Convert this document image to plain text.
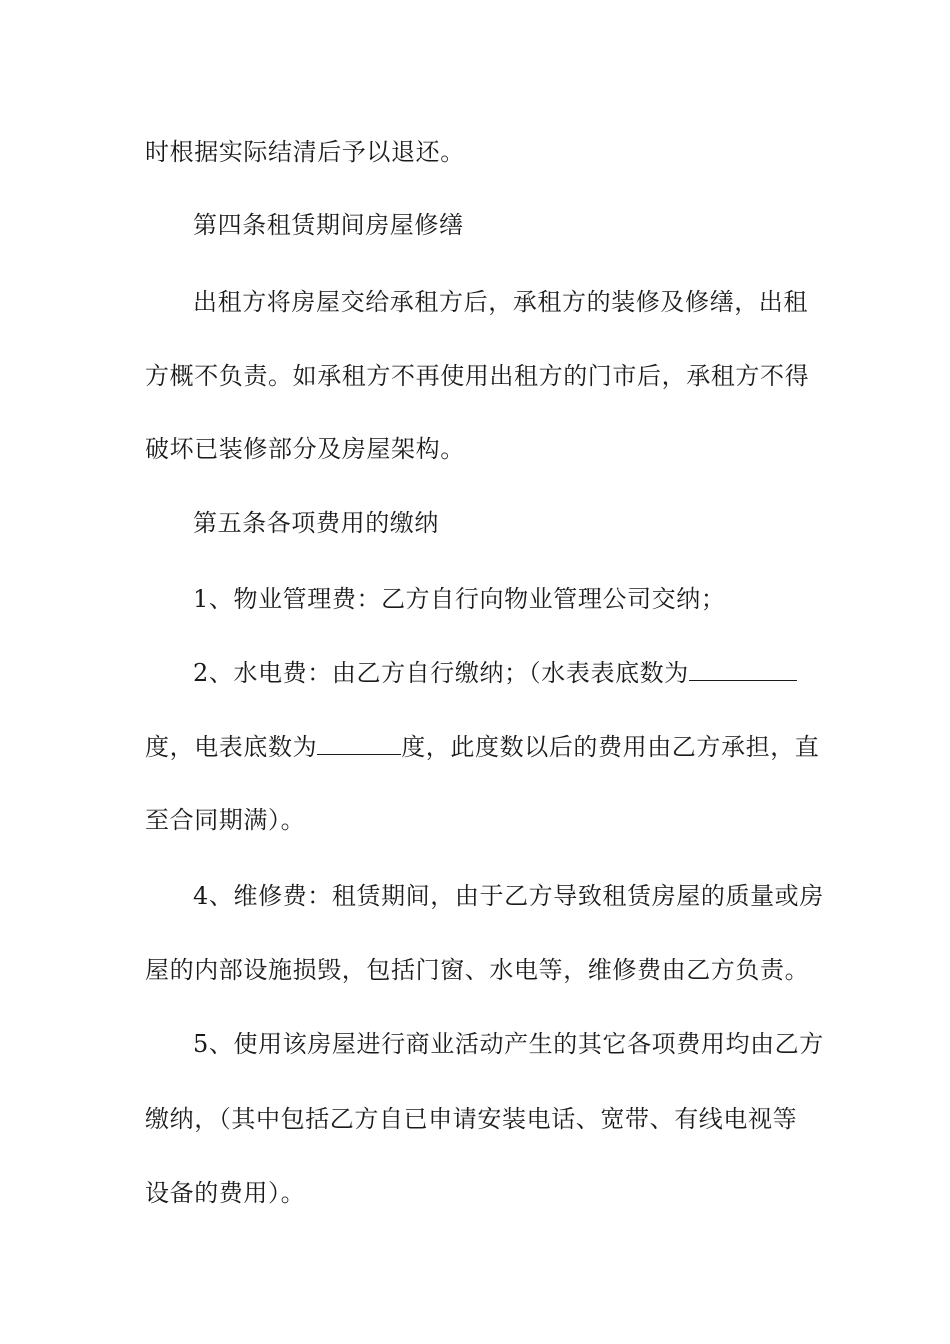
时根据实际结清后予以退还。
第四条租赁期间房屋修缮
出租方将房屋交给承租方后，承租方的装修及修缮，出租
方概不负责。如承租方不再使用出租方的门市后，承租方不得
破坏已装修部分及房屋架构。
第五条各项费用的缴纳
1、物业管理费：乙方自行向物业管理公司交纳；
2、水电费：由乙方自行缴纳；（水表表底数为
度，电表底数为	度，此度数以后的费用由乙方承担，直
至合同期满）。
4、维修费：租赁期间，由于乙方导致租赁房屋的质量或房
屋的内部设施损毁，包括门窗、水电等，维修费由乙方负责。
5、使用该房屋进行商业活动产生的其它各项费用均由乙方
缴纳，（其中包括乙方自已申请安装电话、宽带、有线电视等
设备的费用）。
